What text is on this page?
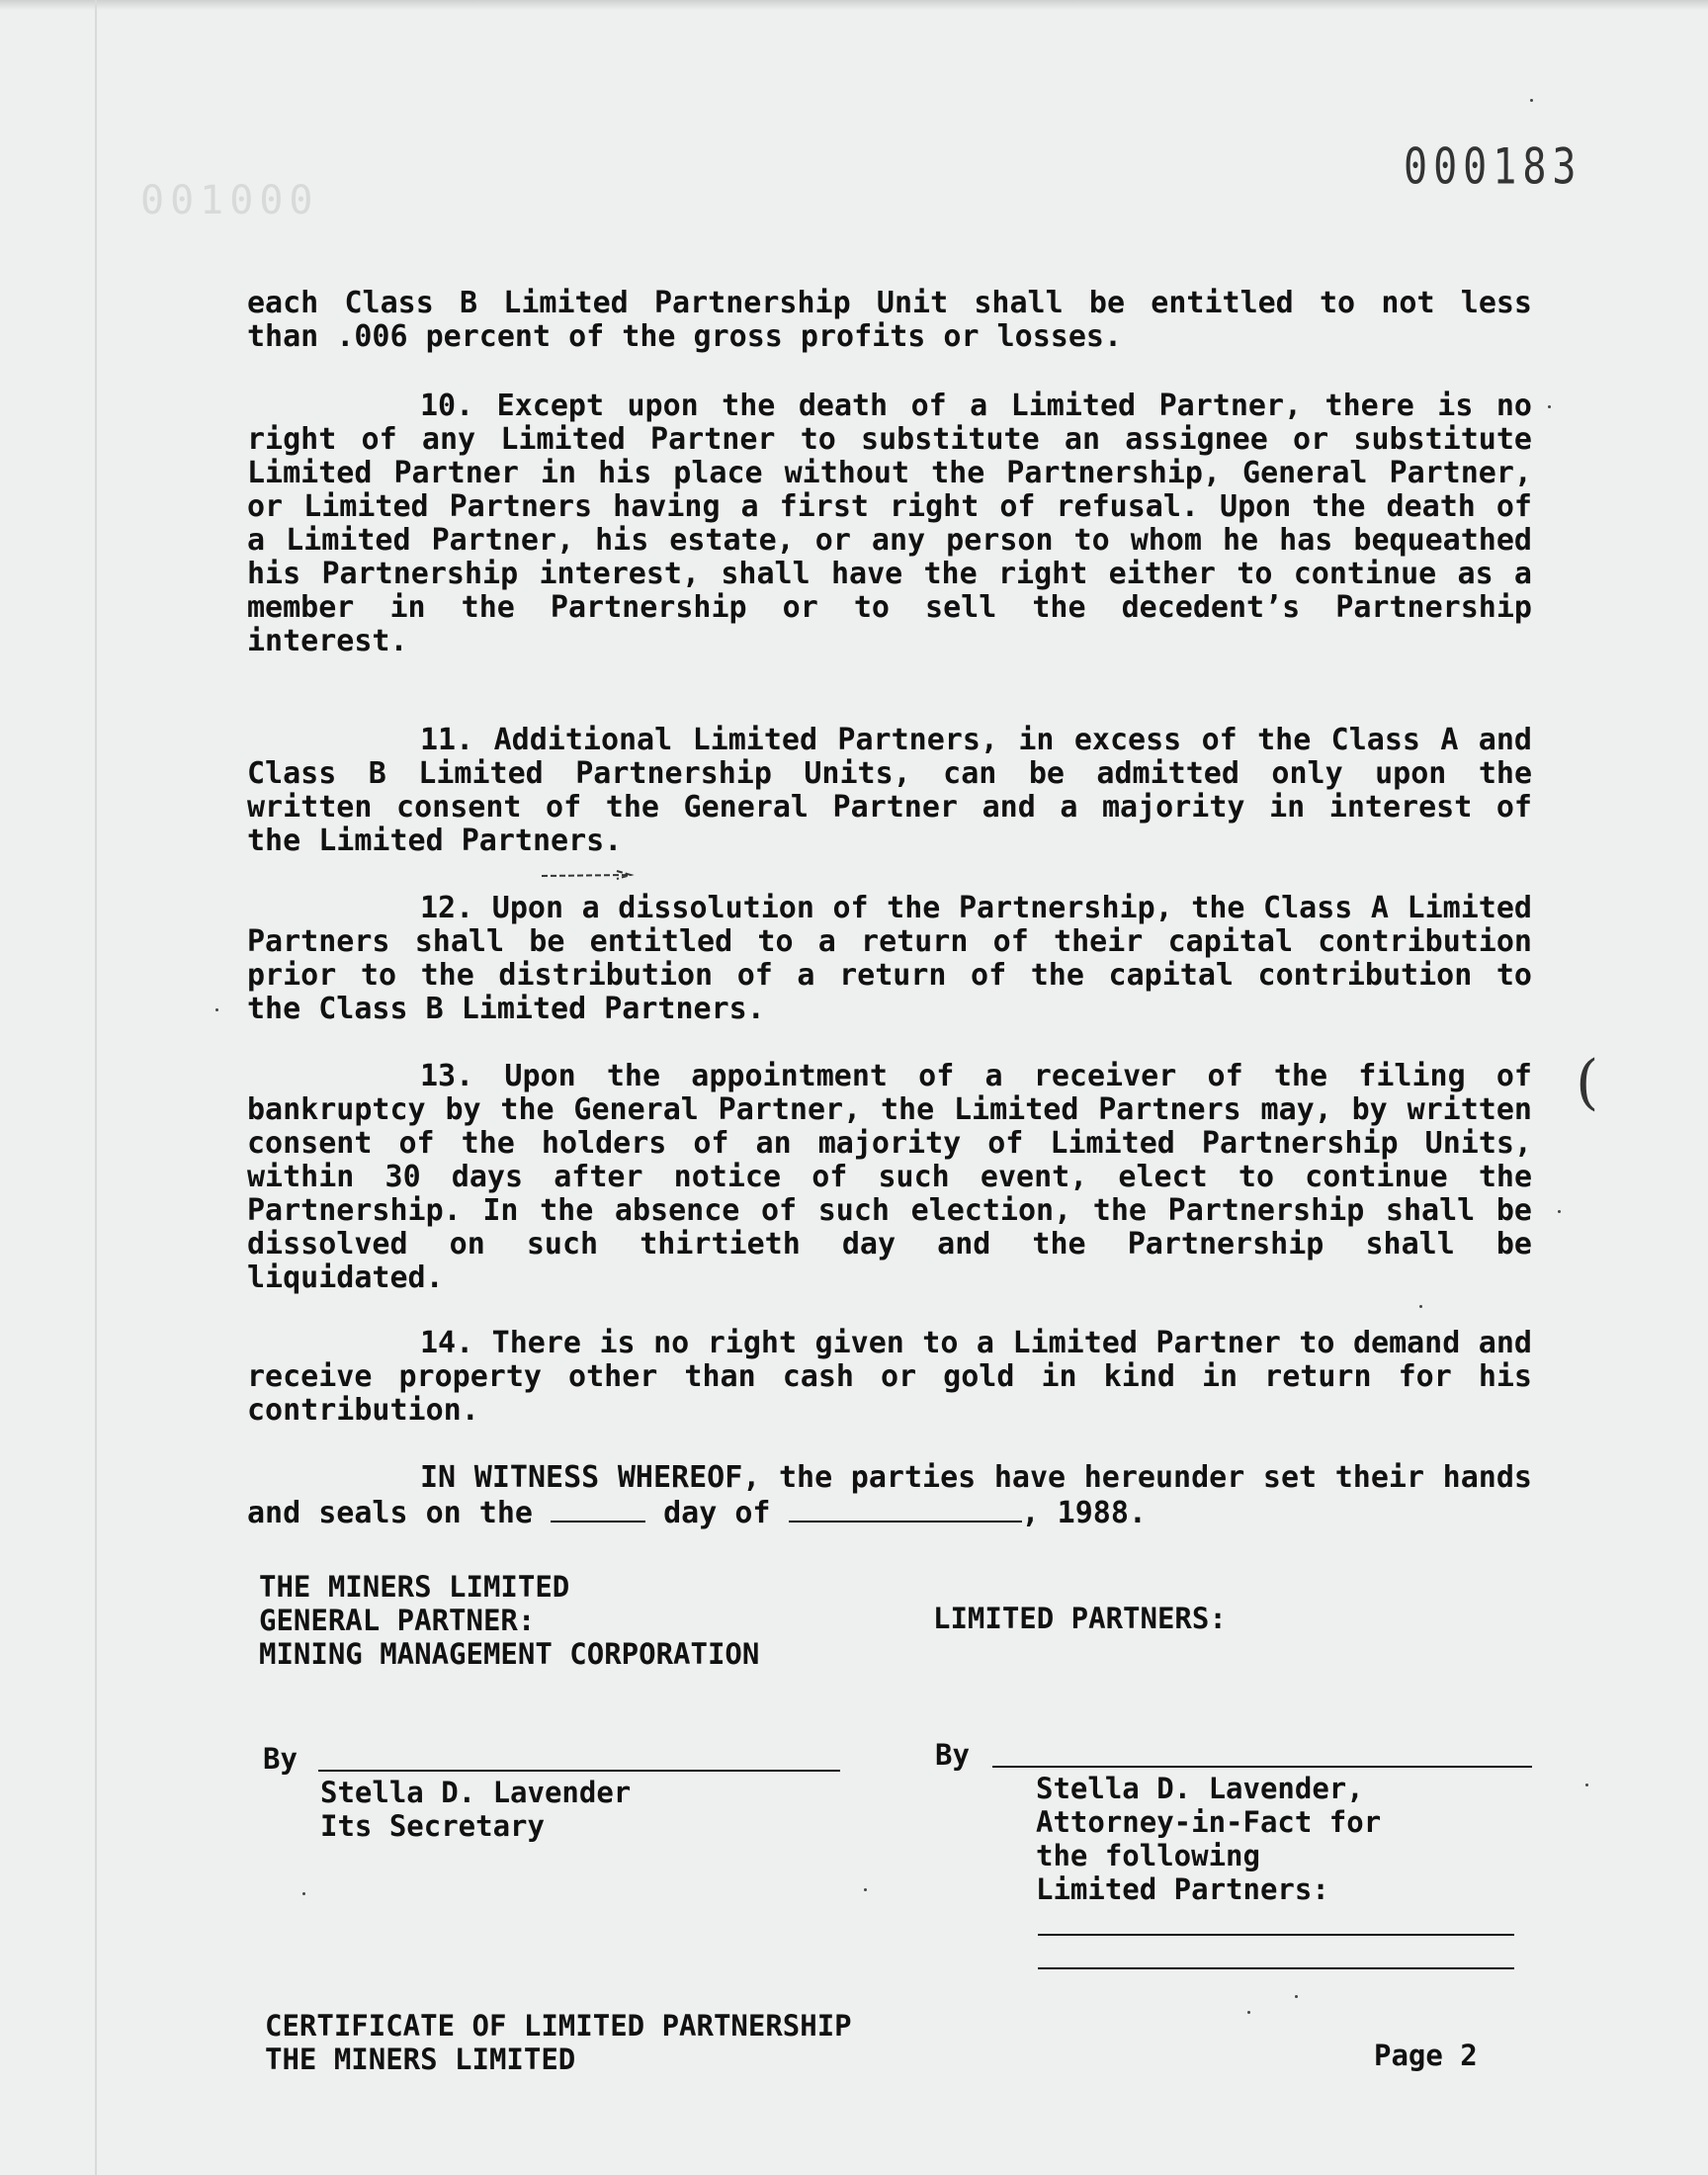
001000
000183

each Class B Limited Partnership Unit shall be entitled to not less than .006 percent of the gross profits or losses.

10. Except upon the death of a Limited Partner, there is no right of any Limited Partner to substitute an assignee or substitute Limited Partner in his place without the Partnership, General Partner, or Limited Partners having a first right of refusal. Upon the death of a Limited Partner, his estate, or any person to whom he has bequeathed his Partnership interest, shall have the right either to continue as a member in the Partnership or to sell the decedent’s Partnership interest.

11. Additional Limited Partners, in excess of the Class A and Class B Limited Partnership Units, can be admitted only upon the written consent of the General Partner and a majority in interest of the Limited Partners.

12. Upon a dissolution of the Partnership, the Class A Limited Partners shall be entitled to a return of their capital contribution prior to the distribution of a return of the capital contribution to the Class B Limited Partners.

13. Upon the appointment of a receiver of the filing of bankruptcy by the General Partner, the Limited Partners may, by written consent of the holders of an majority of Limited Partnership Units, within 30 days after notice of such event, elect to continue the Partnership. In the absence of such election, the Partnership shall be dissolved on such thirtieth day and the Partnership shall be liquidated.

(

14. There is no right given to a Limited Partner to demand and receive property other than cash or gold in kind in return for his contribution.

IN WITNESS WHEREOF, the parties have hereunder set their hands and seals on the	day of	, 1988.

THE MINERS LIMITED
GENERAL PARTNER:
MINING MANAGEMENT CORPORATION
LIMITED PARTNERS:
By
Stella D. Lavender
Its Secretary
By
Stella D. Lavender,
Attorney-in-Fact for
the following
Limited Partners:
CERTIFICATE OF LIMITED PARTNERSHIP
THE MINERS LIMITED	Page 2
